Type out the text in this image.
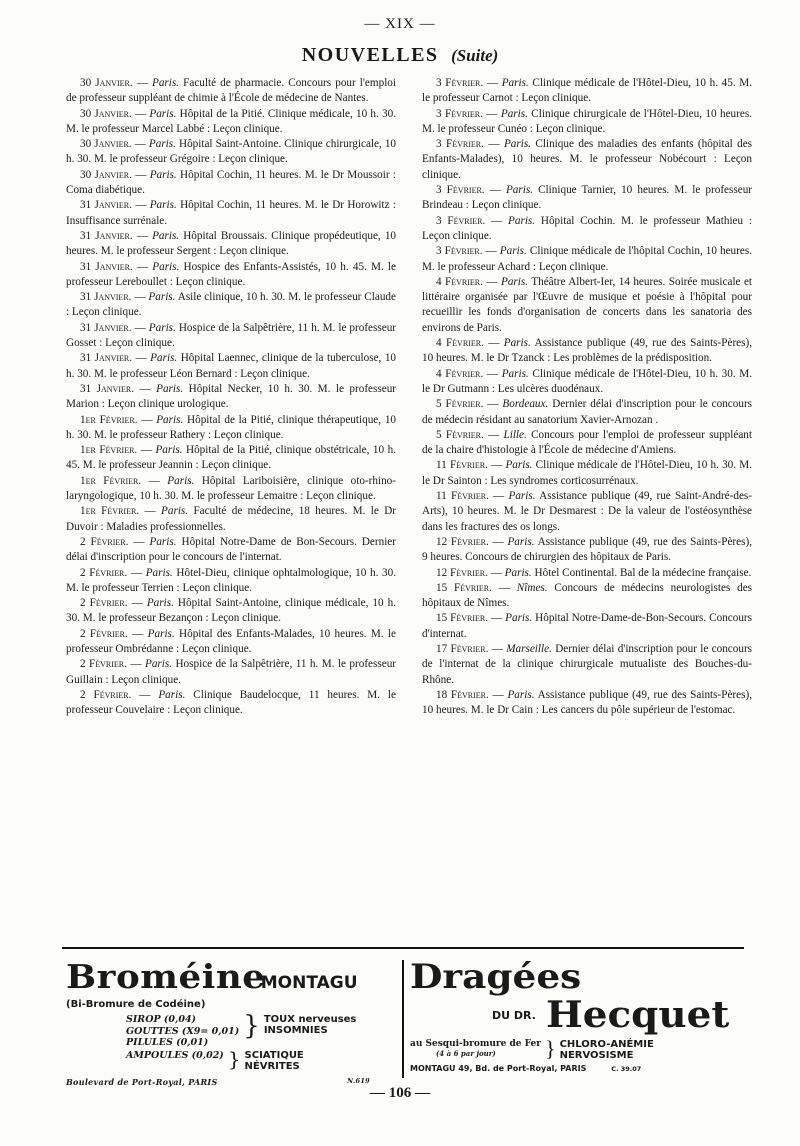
— XIX —
NOUVELLES (Suite)
30 Janvier. — Paris. Faculté de pharmacie. Concours pour l'emploi de professeur suppléant de chimie à l'École de médecine de Nantes.
30 Janvier. — Paris. Hôpital de la Pitié. Clinique médicale, 10 h. 30. M. le professeur Marcel Labbé : Leçon clinique.
30 Janvier. — Paris. Hôpital Saint-Antoine. Clinique chirurgicale, 10 h. 30. M. le professeur Grégoire : Leçon clinique.
30 Janvier. — Paris. Hôpital Cochin, 11 heures. M. le Dr Moussoir : Coma diabétique.
31 Janvier. — Paris. Hôpital Cochin, 11 heures. M. le Dr Horowitz : Insuffisance surrénale.
31 Janvier. — Paris. Hôpital Broussais. Clinique propédeutique, 10 heures. M. le professeur Sergent : Leçon clinique.
31 Janvier. — Paris. Hospice des Enfants-Assistés, 10 h. 45. M. le professeur Lereboullet : Leçon clinique.
31 Janvier. — Paris. Asile clinique, 10 h. 30. M. le professeur Claude : Leçon clinique.
31 Janvier. — Paris. Hospice de la Salpêtrière, 11 h. M. le professeur Gosset : Leçon clinique.
31 Janvier. — Paris. Hôpital Laennec, clinique de la tuberculose, 10 h. 30. M. le professeur Léon Bernard : Leçon clinique.
31 Janvier. — Paris. Hôpital Necker, 10 h. 30. M. le professeur Marion : Leçon clinique urologique.
1er Février. — Paris. Hôpital de la Pitié, clinique thérapeutique, 10 h. 30. M. le professeur Rathery : Leçon clinique.
1er Février. — Paris. Hôpital de la Pitié, clinique obstétricale, 10 h. 45. M. le professeur Jeannin : Leçon clinique.
1er Février. — Paris. Hôpital Lariboisière, clinique oto-rhino-laryngologique, 10 h. 30. M. le professeur Lemaitre : Leçon clinique.
1er Février. — Paris. Faculté de médecine, 18 heures. M. le Dr Duvoir : Maladies professionnelles.
2 Février. — Paris. Hôpital Notre-Dame de Bon-Secours. Dernier délai d'inscription pour le concours de l'internat.
2 Février. — Paris. Hôtel-Dieu, clinique ophtalmologique, 10 h. 30. M. le professeur Terrien : Leçon clinique.
2 Février. — Paris. Hôpital Saint-Antoine, clinique médicale, 10 h. 30. M. le professeur Bezançon : Leçon clinique.
2 Février. — Paris. Hôpital des Enfants-Malades, 10 heures. M. le professeur Ombrédanne : Leçon clinique.
2 Février. — Paris. Hospice de la Salpêtrière, 11 h. M. le professeur Guillain : Leçon clinique.
2 Février. — Paris. Clinique Baudelocque, 11 heures. M. le professeur Couvelaire : Leçon clinique.
3 Février. — Paris. Clinique médicale de l'Hôtel-Dieu, 10 h. 45. M. le professeur Carnot : Leçon clinique.
3 Février. — Paris. Clinique chirurgicale de l'Hôtel-Dieu, 10 heures. M. le professeur Cunéo : Leçon clinique.
3 Février. — Paris. Clinique des maladies des enfants (hôpital des Enfants-Malades), 10 heures. M. le professeur Nobécourt : Leçon clinique.
3 Février. — Paris. Clinique Tarnier, 10 heures. M. le professeur Brindeau : Leçon clinique.
3 Février. — Paris. Hôpital Cochin. M. le professeur Mathieu : Leçon clinique.
3 Février. — Paris. Clinique médicale de l'hôpital Cochin, 10 heures. M. le professeur Achard : Leçon clinique.
4 Février. — Paris. Théâtre Albert-Ier, 14 heures. Soirée musicale et littéraire organisée par l'Œuvre de musique et poésie à l'hôpital pour recueillir les fonds d'organisation de concerts dans les sanatoria des environs de Paris.
4 Février. — Paris. Assistance publique (49, rue des Saints-Pères), 10 heures. M. le Dr Tzanck : Les problèmes de la prédisposition.
4 Février. — Paris. Clinique médicale de l'Hôtel-Dieu, 10 h. 30. M. le Dr Gutmann : Les ulcères duodénaux.
5 Février. — Bordeaux. Dernier délai d'inscription pour le concours de médecin résidant au sanatorium Xavier-Arnozan .
5 Février. — Lille. Concours pour l'emploi de professeur suppléant de la chaire d'histologie à l'École de médecine d'Amiens.
11 Février. — Paris. Clinique médicale de l'Hôtel-Dieu, 10 h. 30. M. le Dr Sainton : Les syndromes corticosurrénaux.
11 Février. — Paris. Assistance publique (49, rue Saint-André-des-Arts), 10 heures. M. le Dr Desmarest : De la valeur de l'ostéosynthèse dans les fractures des os longs.
12 Février. — Paris. Assistance publique (49, rue des Saints-Pères), 9 heures. Concours de chirurgien des hôpitaux de Paris.
12 Février. — Paris. Hôtel Continental. Bal de la médecine française.
15 Février. — Nîmes. Concours de médecins neurologistes des hôpitaux de Nîmes.
15 Février. — Paris. Hôpital Notre-Dame-de-Bon-Secours. Concours d'internat.
17 Février. — Marseille. Dernier délai d'inscription pour le concours de l'internat de la clinique chirurgicale mutualiste des Bouches-du-Rhône.
18 Février. — Paris. Assistance publique (49, rue des Saints-Pères), 10 heures. M. le Dr Cain : Les cancers du pôle supérieur de l'estomac.
Broméine MONTAGU
(Bi-Bromure de Codéine)
SIROP (0,04)
GOUTTES (X9= 0,01)
PILULES (0,01)
} TOUX nerveuses
INSOMNIES
AMPOULES (0,02) } SCIATIQUE
NÉVRITES
Boulevard de Port-Royal, PARIS	N.619
Dragées
DU DR. Hecquet
au Sesqui-bromure de Fer
(4 à 6 par jour)	} CHLORO-ANÉMIE
NERVOSISME
MONTAGU 49, Bd. de Port-Royal, PARIS	C. 39.07
— 106 —
